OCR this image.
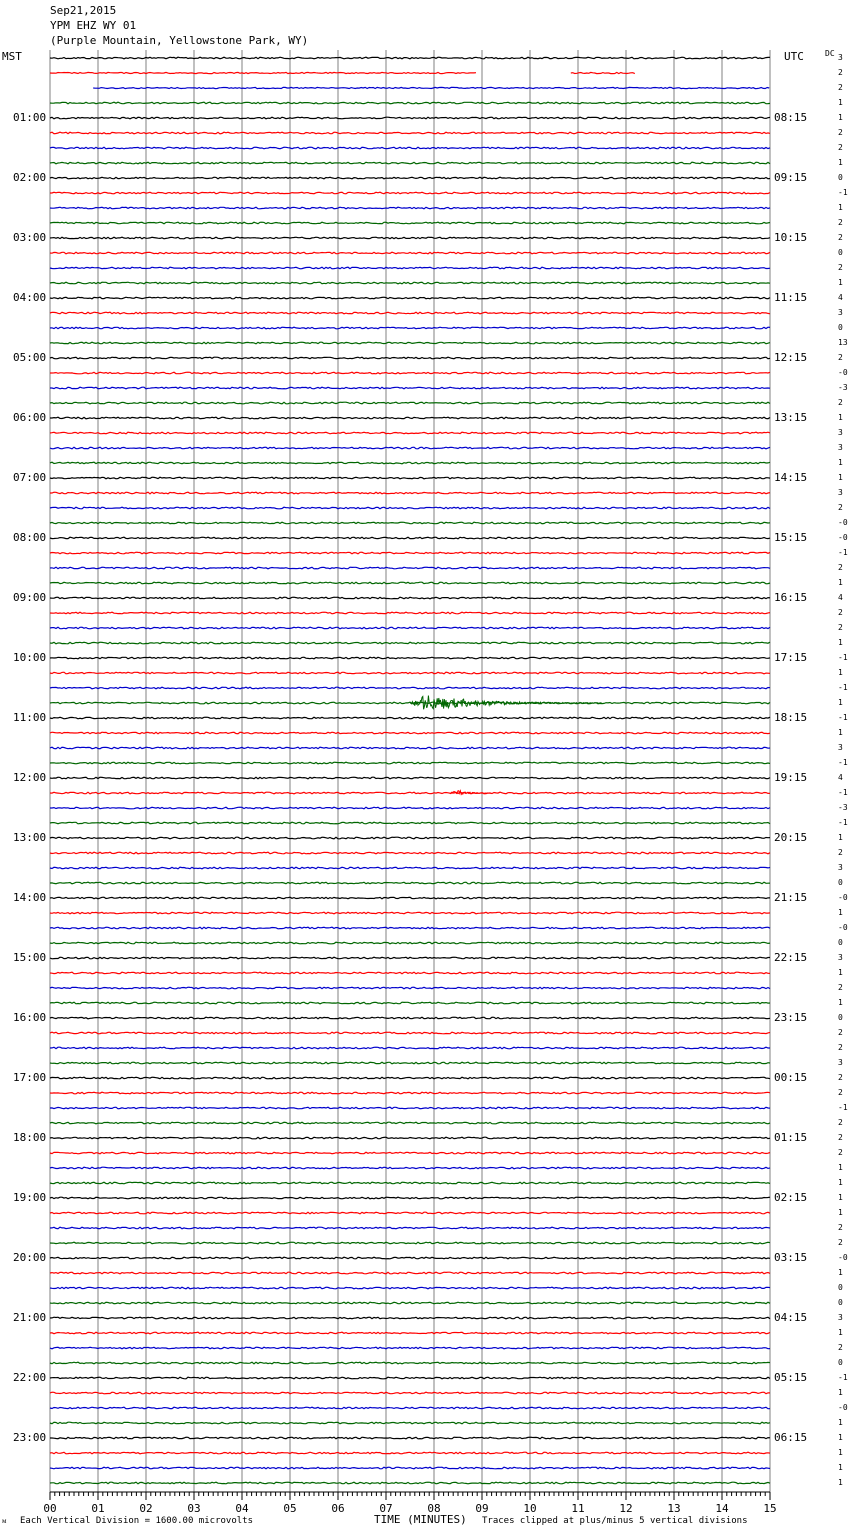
00	01	02	03	04	05	06	07	08	09	10	11	12	13	14	15
Sep21,2015
YPM EHZ WY 01
(Purple Mountain, Yellowstone Park, WY)
MST	UTC	DC
01:00
02:00
03:00
04:00
05:00
06:00
07:00
08:00
09:00
10:00
11:00
12:00
13:00
14:00
15:00
16:00
17:00
18:00
19:00
20:00
21:00
22:00
23:00
08:15
09:15
10:15
11:15
12:15
13:15
14:15
15:15
16:15
17:15
18:15
19:15
20:15
21:15
22:15
23:15
00:15
01:15
02:15
03:15
04:15
05:15
06:15
3
2
2
1
1
2
2
1
0
-1
1
2
2
0
2
1
4
3
0
13
2
-0
-3
2
1
3
3
1
1
3
2
-0
-0
-1
2
1
4
2
2
1
-1
1
-1
1
-1
1
3
-1
4
-1
-3
-1
1
2
3
0
-0
1
-0
0
3
1
2
1
0
2
2
3
2
2
-1
2
2
2
1
1
1
1
2
2
-0
1
0
0
3
1
2
0
-1
1
-0
1
1
1
1
1
ᴍ Each Vertical Division = 1600.00 microvolts	TIME (MINUTES) Traces clipped at plus/minus 5 vertical divisions
